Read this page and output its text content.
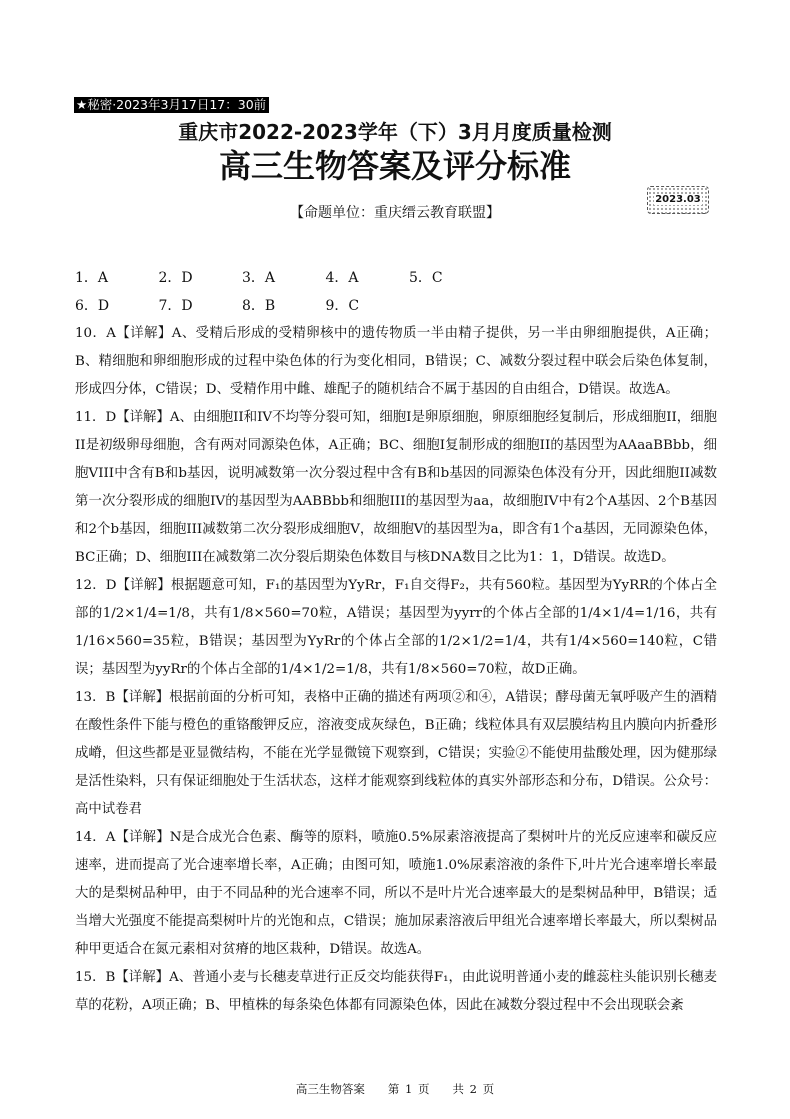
★秘密·2023年3月17日17：30前
重庆市2022-2023学年（下）3月月度质量检测
高三生物答案及评分标准
2023.03
【命题单位：重庆缙云教育联盟】
1．A	2．D	3．A	4．A	5．C
6．D	7．D	8．B	9．C

10．A【详解】A、受精后形成的受精卵核中的遗传物质一半由精子提供，另一半由卵细胞提供，A正确；B、精细胞和卵细胞形成的过程中染色体的行为变化相同，B错误；C、减数分裂过程中联会后染色体复制，形成四分体，C错误；D、受精作用中雌、雄配子的随机结合不属于基因的自由组合，D错误。故选A。

11．D【详解】A、由细胞II和IV不均等分裂可知，细胞I是卵原细胞，卵原细胞经复制后，形成细胞II，细胞II是初级卵母细胞，含有两对同源染色体，A正确；BC、细胞I复制形成的细胞II的基因型为AAaaBBbb，细胞VIII中含有B和b基因，说明减数第一次分裂过程中含有B和b基因的同源染色体没有分开，因此细胞II减数第一次分裂形成的细胞IV的基因型为AABBbb和细胞III的基因型为aa，故细胞IV中有2个A基因、2个B基因和2个b基因，细胞III减数第二次分裂形成细胞V，故细胞V的基因型为a，即含有1个a基因，无同源染色体，BC正确；D、细胞III在减数第二次分裂后期染色体数目与核DNA数目之比为1：1，D错误。故选D。

12．D【详解】根据题意可知，F₁的基因型为YyRr，F₁自交得F₂，共有560粒。基因型为YyRR的个体占全部的1/2×1/4=1/8，共有1/8×560=70粒，A错误；基因型为yyrr的个体占全部的1/4×1/4=1/16，共有1/16×560=35粒，B错误；基因型为YyRr的个体占全部的1/2×1/2=1/4，共有1/4×560=140粒，C错误；基因型为yyRr的个体占全部的1/4×1/2=1/8，共有1/8×560=70粒，故D正确。

13．B【详解】根据前面的分析可知，表格中正确的描述有两项②和④，A错误；酵母菌无氧呼吸产生的酒精在酸性条件下能与橙色的重铬酸钾反应，溶液变成灰绿色，B正确；线粒体具有双层膜结构且内膜向内折叠形成嵴，但这些都是亚显微结构，不能在光学显微镜下观察到，C错误；实验②不能使用盐酸处理，因为健那绿是活性染料，只有保证细胞处于生活状态，这样才能观察到线粒体的真实外部形态和分布，D错误。公众号：高中试卷君

14．A【详解】N是合成光合色素、酶等的原料，喷施0.5%尿素溶液提高了梨树叶片的光反应速率和碳反应速率，进而提高了光合速率增长率，A正确；由图可知，喷施1.0%尿素溶液的条件下,叶片光合速率增长率最大的是梨树品种甲，由于不同品种的光合速率不同，所以不是叶片光合速率最大的是梨树品种甲，B错误；适当增大光强度不能提高梨树叶片的光饱和点，C错误；施加尿素溶液后甲组光合速率增长率最大，所以梨树品种甲更适合在氮元素相对贫瘠的地区栽种，D错误。故选A。

15．B【详解】A、普通小麦与长穗麦草进行正反交均能获得F₁，由此说明普通小麦的雌蕊柱头能识别长穗麦草的花粉，A项正确；B、甲植株的每条染色体都有同源染色体，因此在减数分裂过程中不会出现联会紊

高三生物答案　　第 1 页　　共 2 页
